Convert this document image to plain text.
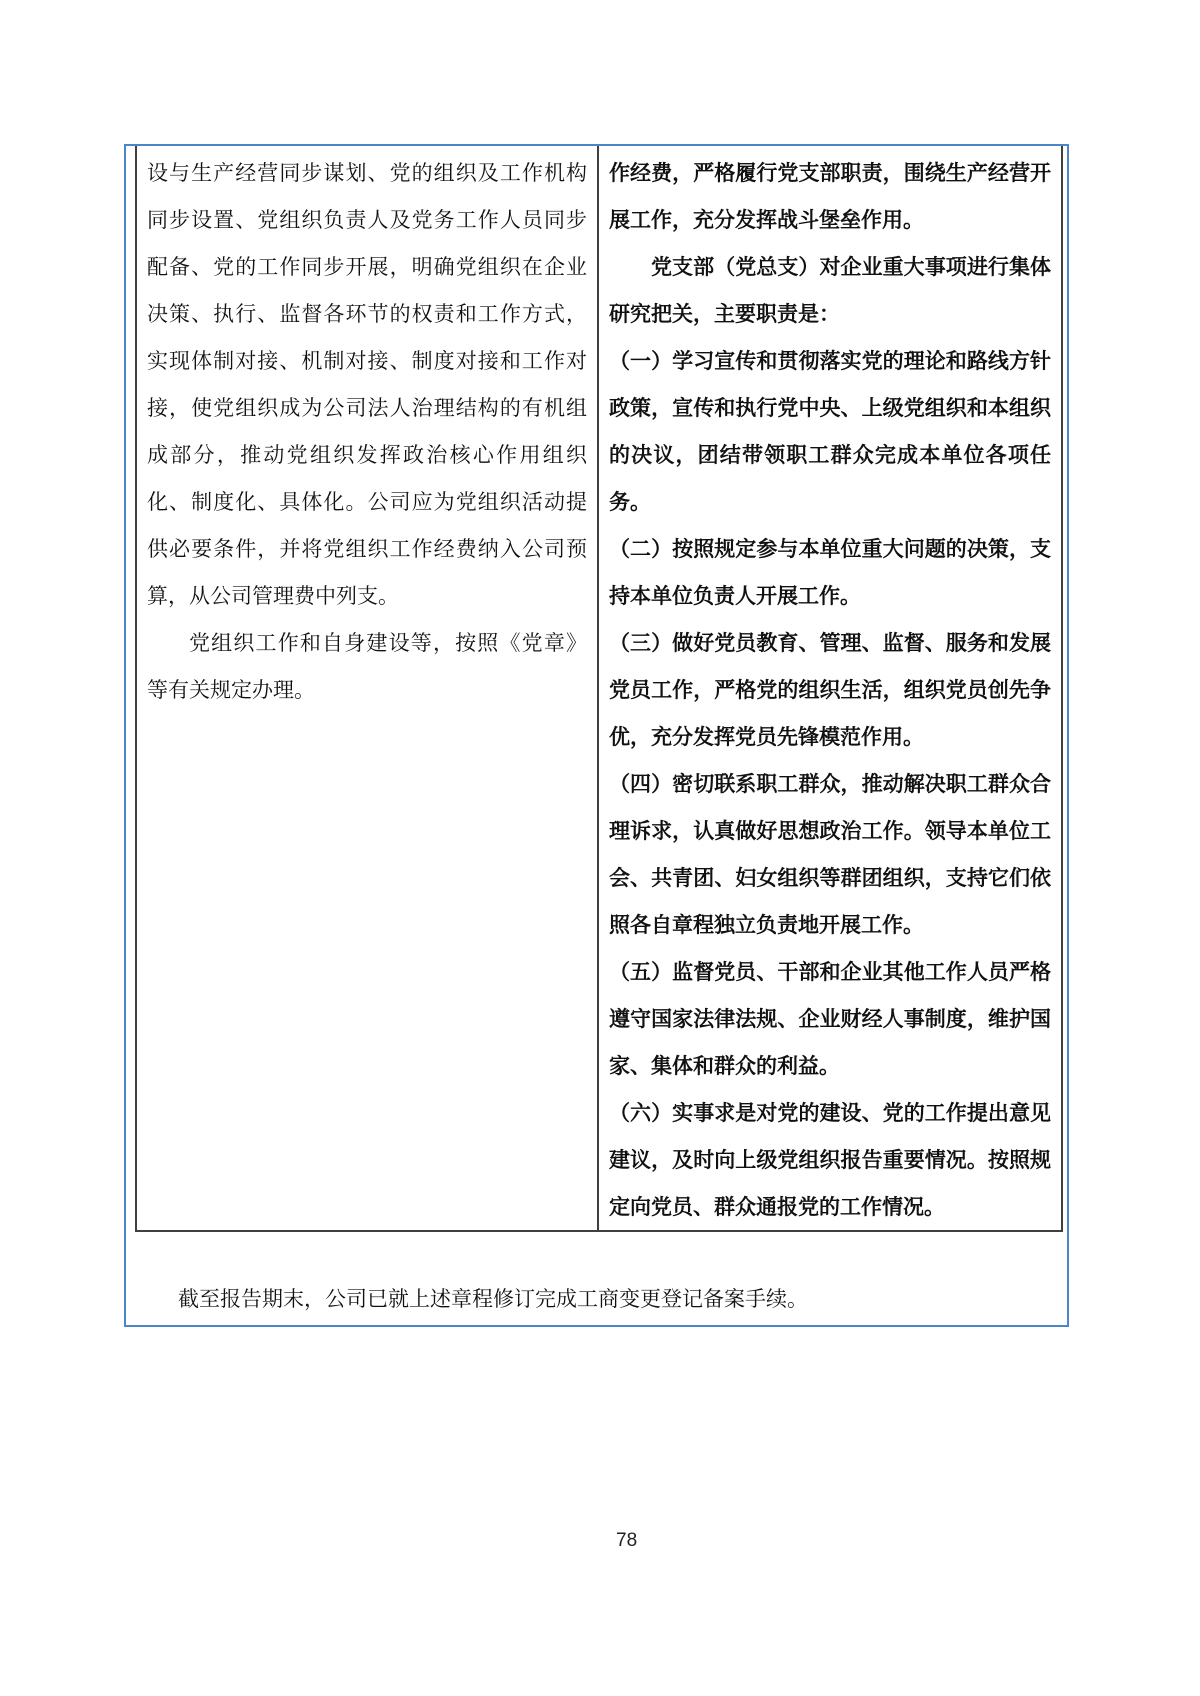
设与生产经营同步谋划、党的组织及工作机构同步设置、党组织负责人及党务工作人员同步配备、党的工作同步开展，明确党组织在企业决策、执行、监督各环节的权责和工作方式，实现体制对接、机制对接、制度对接和工作对接，使党组织成为公司法人治理结构的有机组成部分，推动党组织发挥政治核心作用组织化、制度化、具体化。公司应为党组织活动提供必要条件，并将党组织工作经费纳入公司预算，从公司管理费中列支。

党组织工作和自身建设等，按照《党章》等有关规定办理。

作经费，严格履行党支部职责，围绕生产经营开展工作，充分发挥战斗堡垒作用。

党支部（党总支）对企业重大事项进行集体研究把关，主要职责是：

（一）学习宣传和贯彻落实党的理论和路线方针政策，宣传和执行党中央、上级党组织和本组织的决议，团结带领职工群众完成本单位各项任务。

（二）按照规定参与本单位重大问题的决策，支持本单位负责人开展工作。

（三）做好党员教育、管理、监督、服务和发展党员工作，严格党的组织生活，组织党员创先争优，充分发挥党员先锋模范作用。

（四）密切联系职工群众，推动解决职工群众合理诉求，认真做好思想政治工作。领导本单位工会、共青团、妇女组织等群团组织，支持它们依照各自章程独立负责地开展工作。

（五）监督党员、干部和企业其他工作人员严格遵守国家法律法规、企业财经人事制度，维护国家、集体和群众的利益。

（六）实事求是对党的建设、党的工作提出意见建议，及时向上级党组织报告重要情况。按照规定向党员、群众通报党的工作情况。

截至报告期末，公司已就上述章程修订完成工商变更登记备案手续。

78
